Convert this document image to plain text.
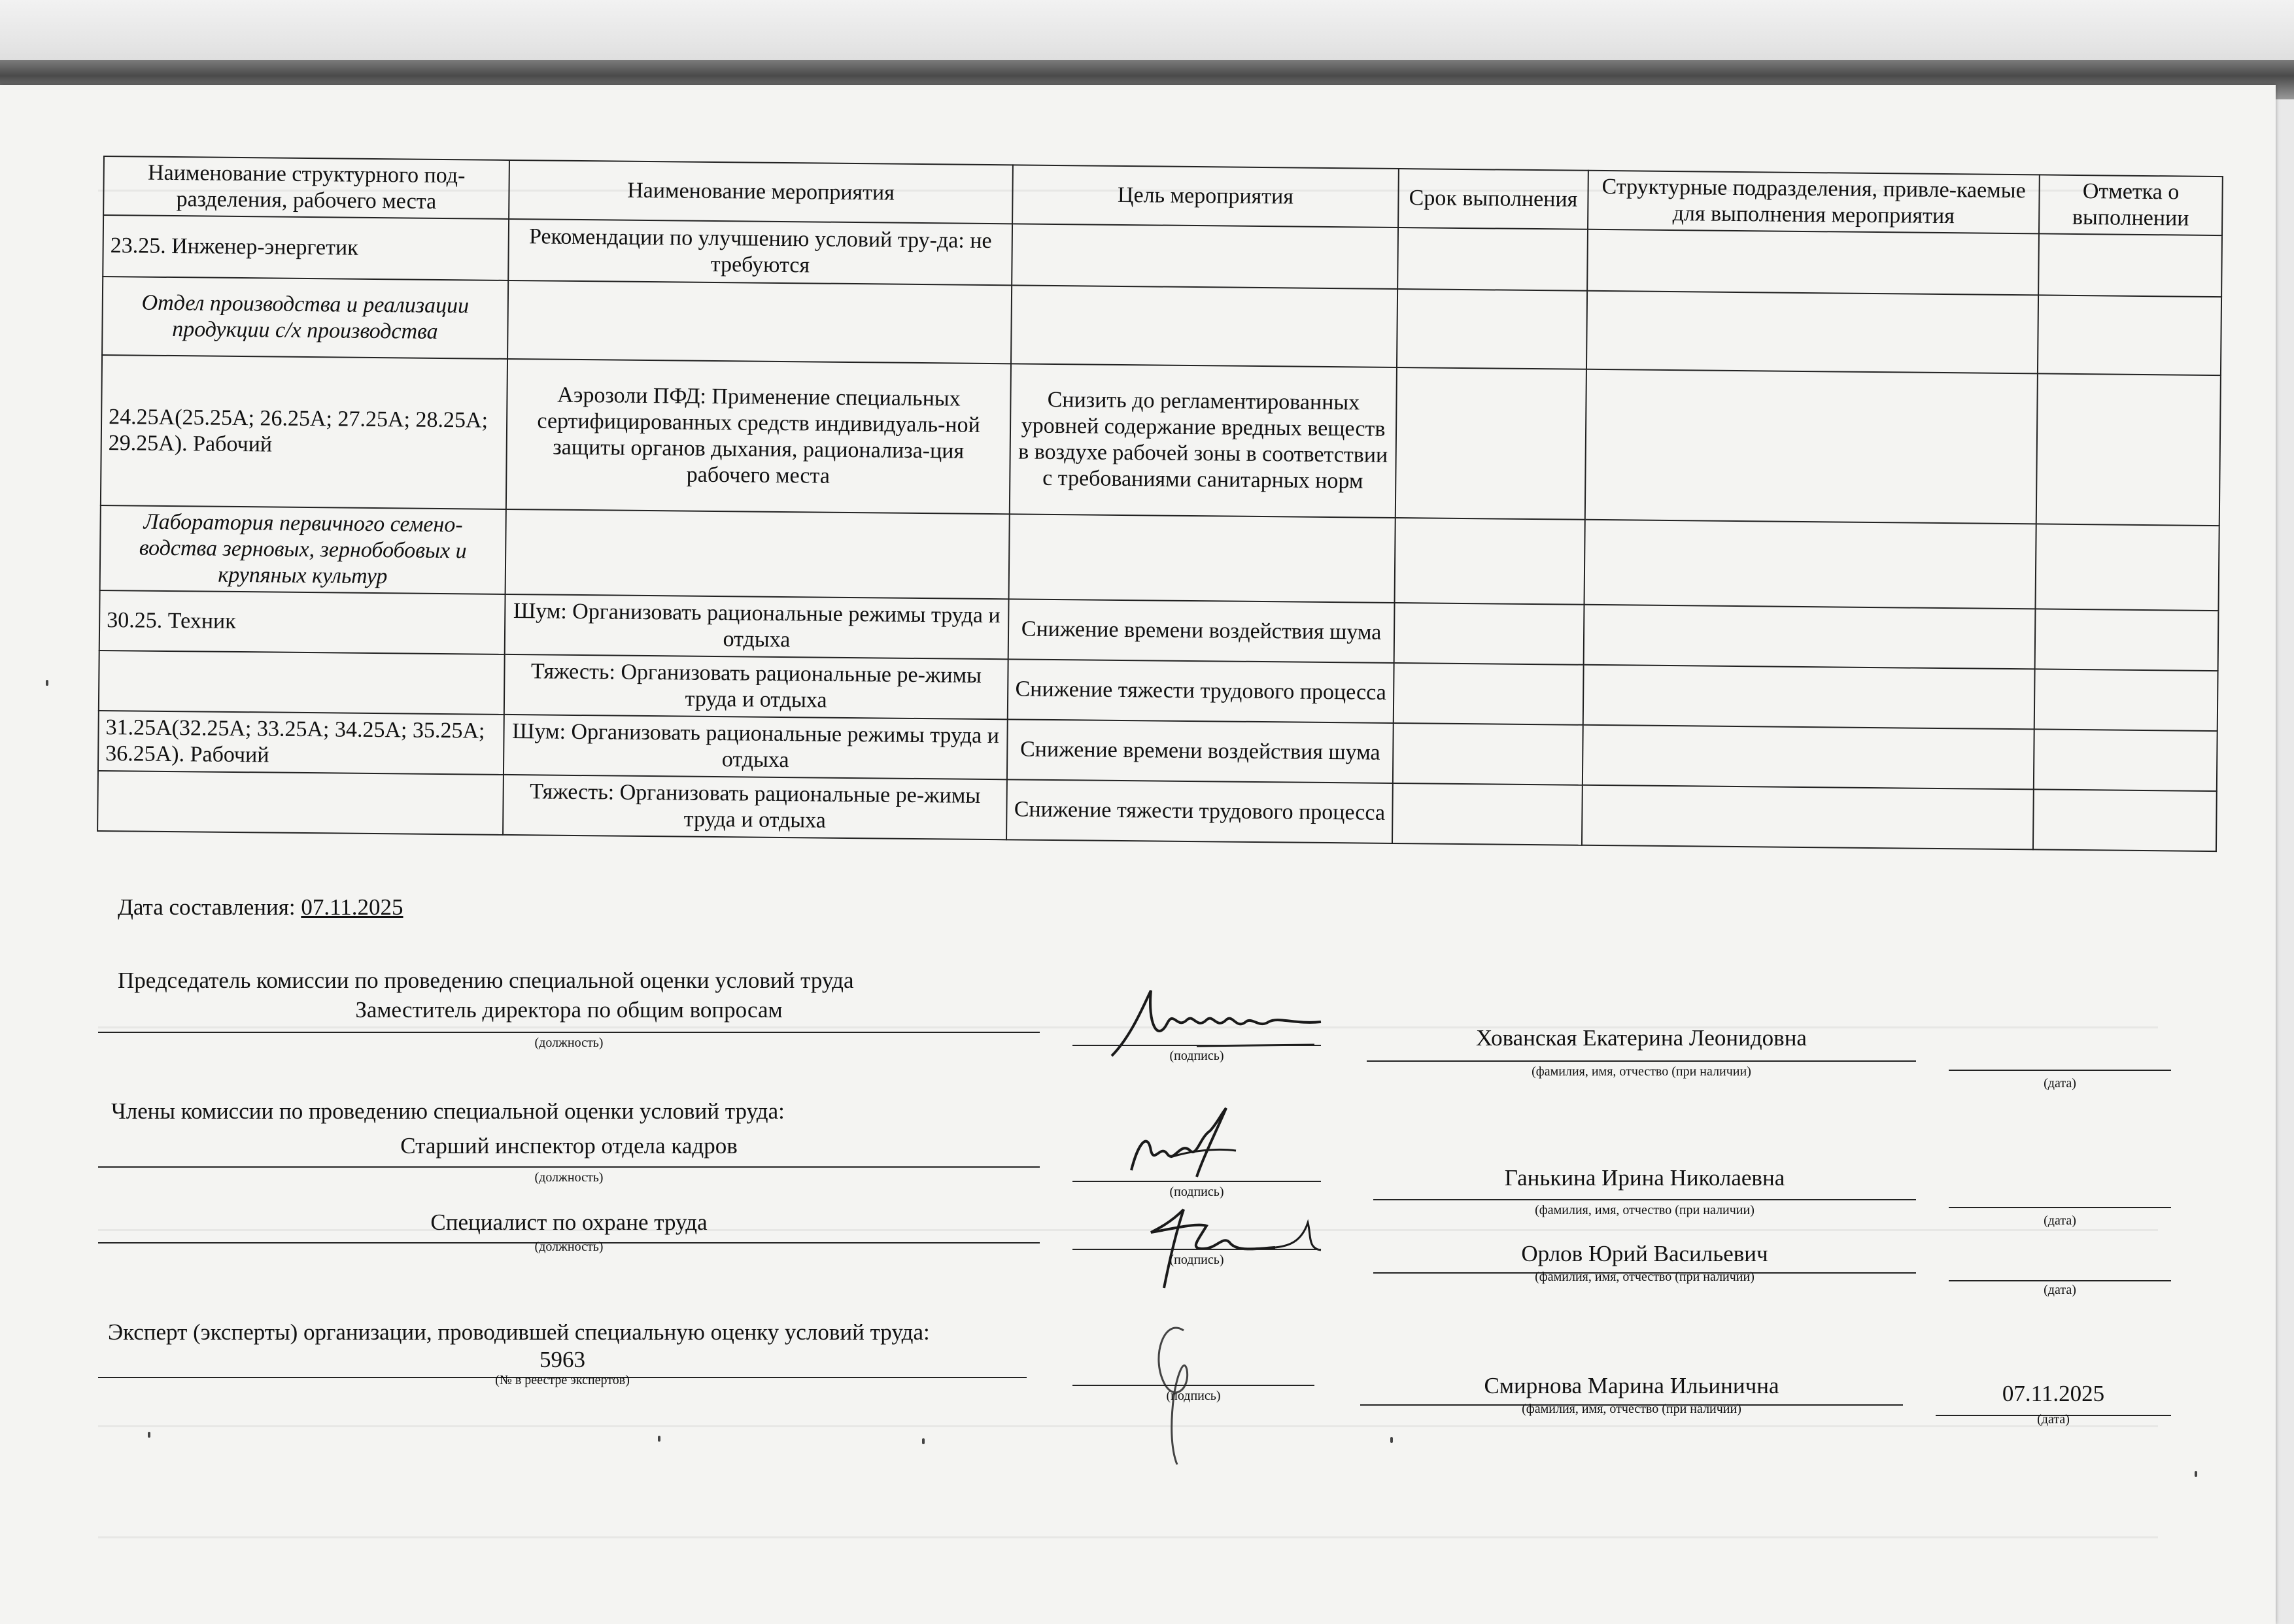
Наименование структурного под-разделения, рабочего места	Наименование мероприятия	Цель мероприятия	Срок выполнения	Структурные подразделения, привле-каемые для выполнения мероприятия	Отметка о выполнении
23.25. Инженер-энергетик	Рекомендации по улучшению условий тру-да: не требуются				
Отдел производства и реализации продукции с/х производства					
24.25А(25.25А; 26.25А; 27.25А; 28.25А; 29.25А). Рабочий	Аэрозоли ПФД: Применение специальных сертифицированных средств индивидуаль-ной защиты органов дыхания, рационализа-ция рабочего места	Снизить до регламентированных уровней содержание вредных веществ в воздухе рабочей зоны в соответствии с требованиями санитарных норм			
Лаборатория первичного семено-водства зерновых, зернобобовых и крупяных культур					
30.25. Техник	Шум: Организовать рациональные режимы труда и отдыха	Снижение времени воздействия шума			
	Тяжесть: Организовать рациональные ре-жимы труда и отдыха	Снижение тяжести трудового процесса			
31.25А(32.25А; 33.25А; 34.25А; 35.25А; 36.25А). Рабочий	Шум: Организовать рациональные режимы труда и отдыха	Снижение времени воздействия шума			
	Тяжесть: Организовать рациональные ре-жимы труда и отдыха	Снижение тяжести трудового процесса			
Дата составления: 07.11.2025
Председатель комиссии по проведению специальной оценки условий труда
Заместитель директора по общим вопросам
(должность)
(подпись)
Хованская Екатерина Леонидовна
(фамилия, имя, отчество (при наличии)
(дата)
Члены комиссии по проведению специальной оценки условий труда:
Старший инспектор отдела кадров
(должность)
(подпись)
Ганькина Ирина Николаевна
(фамилия, имя, отчество (при наличии)
(дата)
Специалист по охране труда
(должность)
(подпись)	Орлов Юрий Васильевич
(фамилия, имя, отчество (при наличии)
(дата)
Эксперт (эксперты) организации, проводившей специальную оценку условий труда:
5963
(№ в реестре экспертов)
(подпись)	Смирнова Марина Ильинична
(фамилия, имя, отчество (при наличии)
07.11.2025
(дата)
